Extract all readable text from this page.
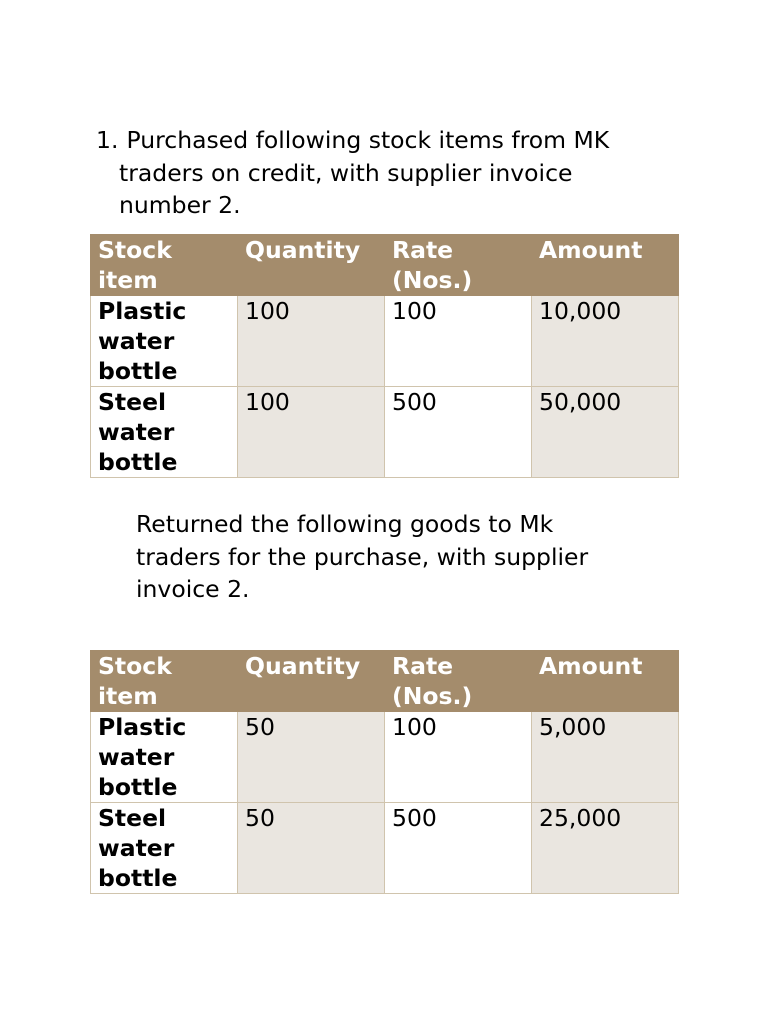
1. Purchased following stock items from MK
traders on credit, with supplier invoice
number 2.
Stock item	Quantity	Rate (Nos.)	Amount
Plastic water bottle	100	100	10,000
Steel water bottle	100	500	50,000
Returned the following goods to Mk
traders for the purchase, with supplier
invoice 2.
Stock item	Quantity	Rate (Nos.)	Amount
Plastic water bottle	50	100	5,000
Steel water bottle	50	500	25,000
